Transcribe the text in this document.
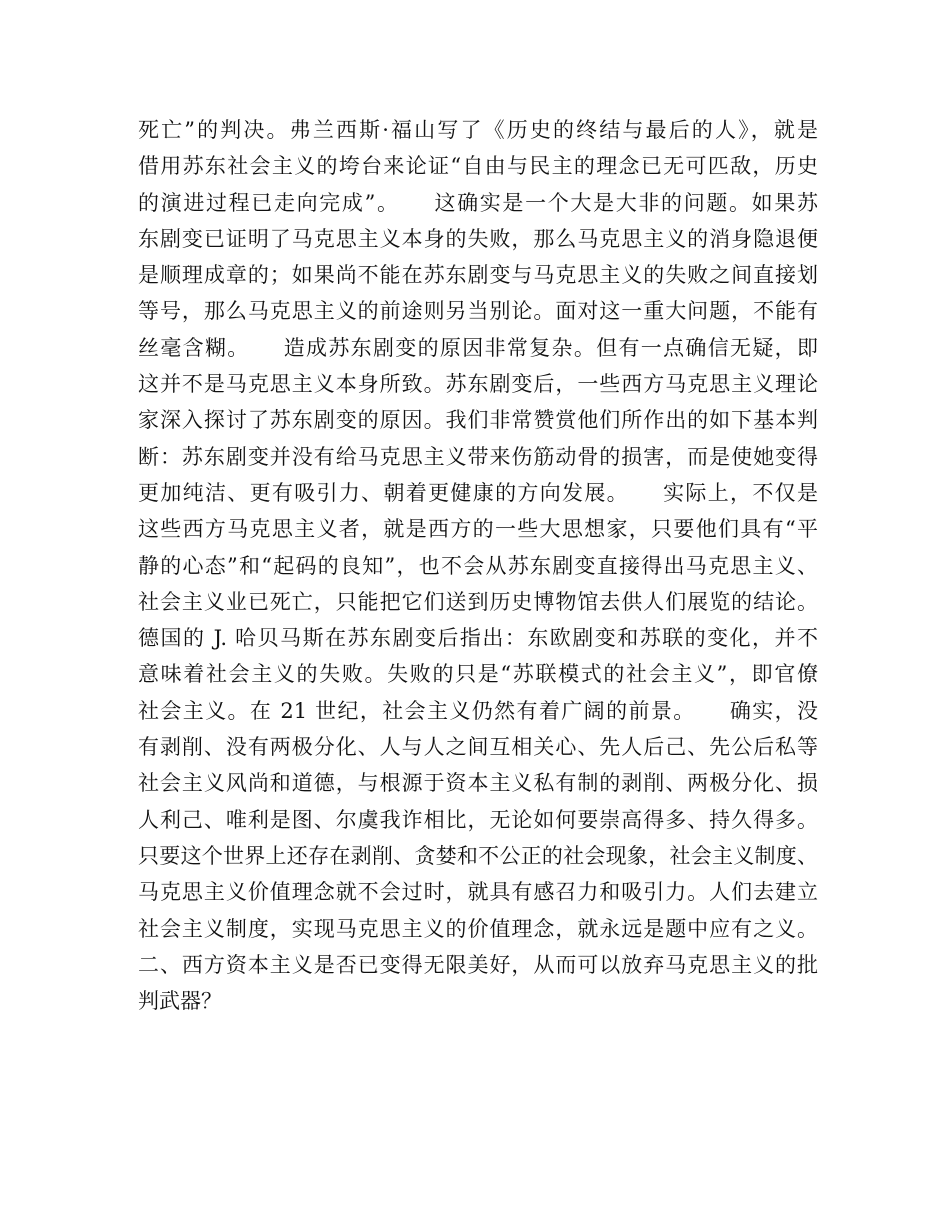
死亡”的判决。弗兰西斯·福山写了《历史的终结与最后的人》，就是
借用苏东社会主义的垮台来论证“自由与民主的理念已无可匹敌，历史
的演进过程已走向完成”。　　这确实是一个大是大非的问题。如果苏
东剧变已证明了马克思主义本身的失败，那么马克思主义的消身隐退便
是顺理成章的；如果尚不能在苏东剧变与马克思主义的失败之间直接划
等号，那么马克思主义的前途则另当别论。面对这一重大问题，不能有
丝毫含糊。　　造成苏东剧变的原因非常复杂。但有一点确信无疑，即
这并不是马克思主义本身所致。苏东剧变后，一些西方马克思主义理论
家深入探讨了苏东剧变的原因。我们非常赞赏他们所作出的如下基本判
断：苏东剧变并没有给马克思主义带来伤筋动骨的损害，而是使她变得
更加纯洁、更有吸引力、朝着更健康的方向发展。　　实际上，不仅是
这些西方马克思主义者，就是西方的一些大思想家，只要他们具有“平
静的心态”和“起码的良知”，也不会从苏东剧变直接得出马克思主义、
社会主义业已死亡，只能把它们送到历史博物馆去供人们展览的结论。
德国的 J. 哈贝马斯在苏东剧变后指出：东欧剧变和苏联的变化，并不
意味着社会主义的失败。失败的只是“苏联模式的社会主义”，即官僚
社会主义。在 21 世纪，社会主义仍然有着广阔的前景。　　确实，没
有剥削、没有两极分化、人与人之间互相关心、先人后己、先公后私等
社会主义风尚和道德，与根源于资本主义私有制的剥削、两极分化、损
人利己、唯利是图、尔虞我诈相比，无论如何要崇高得多、持久得多。
只要这个世界上还存在剥削、贪婪和不公正的社会现象，社会主义制度、
马克思主义价值理念就不会过时，就具有感召力和吸引力。人们去建立
社会主义制度，实现马克思主义的价值理念，就永远是题中应有之义。
二、西方资本主义是否已变得无限美好，从而可以放弃马克思主义的批
判武器？
